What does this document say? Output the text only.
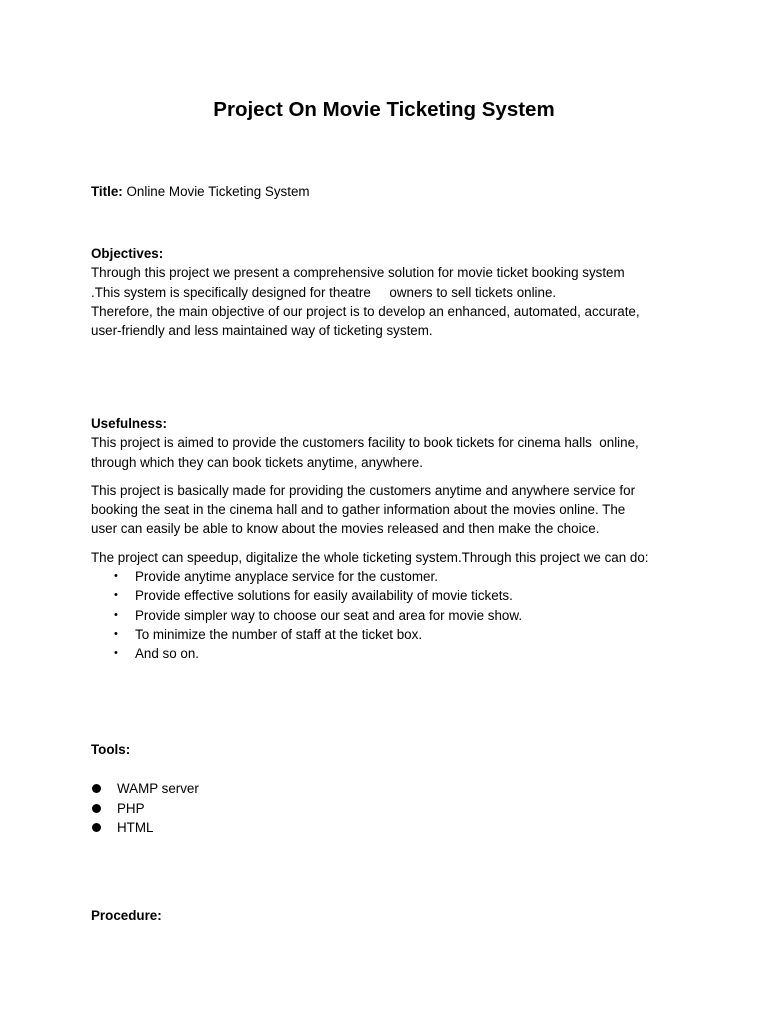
Project On Movie Ticketing System
Title: Online Movie Ticketing System

Objectives:

Through this project we present a comprehensive solution for movie ticket booking system

.This system is specifically designed for theatre     owners to sell tickets online.

Therefore, the main objective of our project is to develop an enhanced, automated, accurate,

user-friendly and less maintained way of ticketing system.

Usefulness:

This project is aimed to provide the customers facility to book tickets for cinema halls  online,

through which they can book tickets anytime, anywhere.

This project is basically made for providing the customers anytime and anywhere service for

booking the seat in the cinema hall and to gather information about the movies online. The

user can easily be able to know about the movies released and then make the choice.

The project can speedup, digitalize the whole ticketing system.Through this project we can do:

• Provide anytime anyplace service for the customer.
• Provide effective solutions for easily availability of movie tickets.
• Provide simpler way to choose our seat and area for movie show.
• To minimize the number of staff at the ticket box.
• And so on.

Tools:

WAMP server
PHP
HTML

Procedure:
